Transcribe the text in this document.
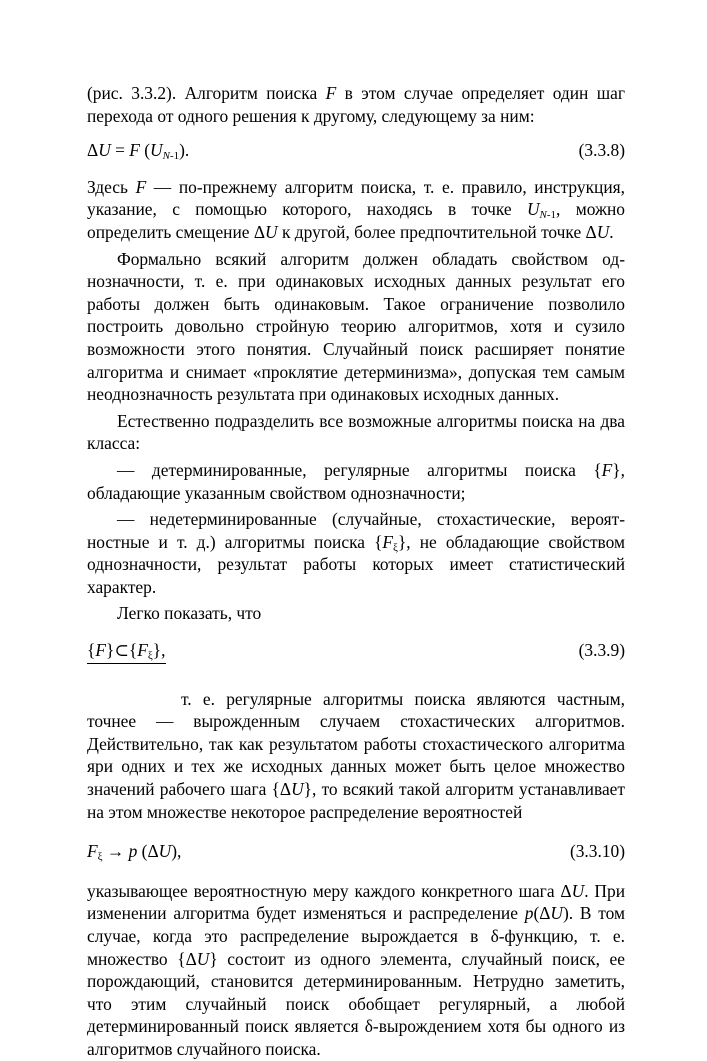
(рис. 3.3.2). Алгоритм поиска F в этом случае определяет один шаг перехода от одного решения к другому, следующему за ним:

ΔU = F $(U_{N-1})$.	(3.3.8)

Здесь F — по-прежнему алгоритм поиска, т. е. правило, инструкция, указание, с помощью которого, находясь в точке $U_{N-1}$, можно определить смещение ΔU к другой, более предпочтительной точке ΔU.

Формально всякий алгоритм должен обладать свойством однозначности, т. е. при одинаковых исходных данных результат его работы должен быть одинаковым. Такое ограничение позволило построить довольно стройную теорию алгоритмов, хотя и сузило возможности этого понятия. Случайный поиск расширяет понятие алгоритма и снимает «проклятие детерминизма», допуская тем самым неоднозначность результата при одинаковых исходных данных.

Естественно подразделить все возможные алгоритмы поиска на два класса:

— детерминированные, регулярные алгоритмы поиска {F}, обладающие указанным свойством однозначности;

— недетерминированные (случайные, стохастические, вероятностные и т. д.) алгоритмы поиска $\{F_\xi\}$, не обладающие свойством однозначности, результат работы которых имеет статистический характер.

Легко показать, что

$\{F\}\subset\{F_\xi\}$,	(3.3.9)

т. е. регулярные алгоритмы поиска являются частным, точнее — вырожденным случаем стохастических алгоритмов. Действительно, так как результатом работы стохастического алгоритма яри одних и тех же исходных данных может быть целое множество значений рабочего шага {ΔU}, то всякий такой алгоритм устанавливает на этом множестве некоторое распределение вероятностей

$F_\xi \to p$ (ΔU),	(3.3.10)

указывающее вероятностную меру каждого конкретного шага ΔU. При изменении алгоритма будет изменяться и распределение p(ΔU). В том случае, когда это распределение вырождается в δ-функцию, т. е. множество {ΔU} состоит из одного элемента, случайный поиск, ее порождающий, становится детерминированным. Нетрудно заметить, что этим случайный поиск обобщает регулярный, а любой детерминированный поиск является δ-вырождением хотя бы одного из алгоритмов случайного поиска.
